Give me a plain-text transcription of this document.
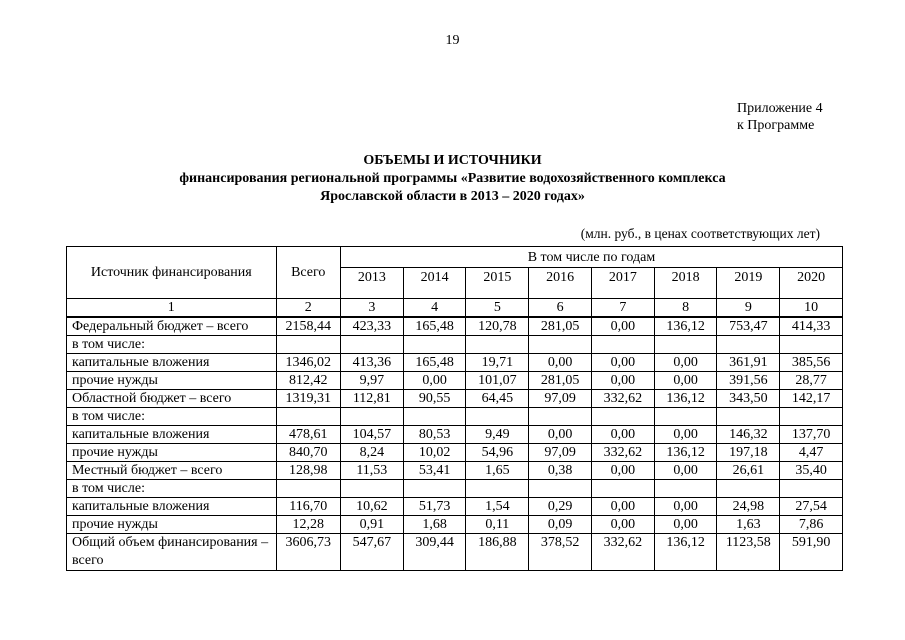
19
Приложение 4
к Программе
ОБЪЕМЫ И ИСТОЧНИКИ
финансирования региональной программы «Развитие водохозяйственного комплекса
Ярославской области в 2013 – 2020 годах»
(млн. руб., в ценах соответствующих лет)
Источник финансирования	Всего	В том числе по годам							
		2013	2014	2015	2016	2017	2018	2019	2020
1	2	3	4	5	6	7	8	9	10
Федеральный бюджет – всего	2158,44	423,33	165,48	120,78	281,05	0,00	136,12	753,47	414,33
в том числе:									
капитальные вложения	1346,02	413,36	165,48	19,71	0,00	0,00	0,00	361,91	385,56
прочие нужды	812,42	9,97	0,00	101,07	281,05	0,00	0,00	391,56	28,77
Областной бюджет – всего	1319,31	112,81	90,55	64,45	97,09	332,62	136,12	343,50	142,17
в том числе:									
капитальные вложения	478,61	104,57	80,53	9,49	0,00	0,00	0,00	146,32	137,70
прочие нужды	840,70	8,24	10,02	54,96	97,09	332,62	136,12	197,18	4,47
Местный бюджет – всего	128,98	11,53	53,41	1,65	0,38	0,00	0,00	26,61	35,40
в том числе:									
капитальные вложения	116,70	10,62	51,73	1,54	0,29	0,00	0,00	24,98	27,54
прочие нужды	12,28	0,91	1,68	0,11	0,09	0,00	0,00	1,63	7,86
Общий объем финансирования – всего	3606,73	547,67	309,44	186,88	378,52	332,62	136,12	1123,58	591,90
